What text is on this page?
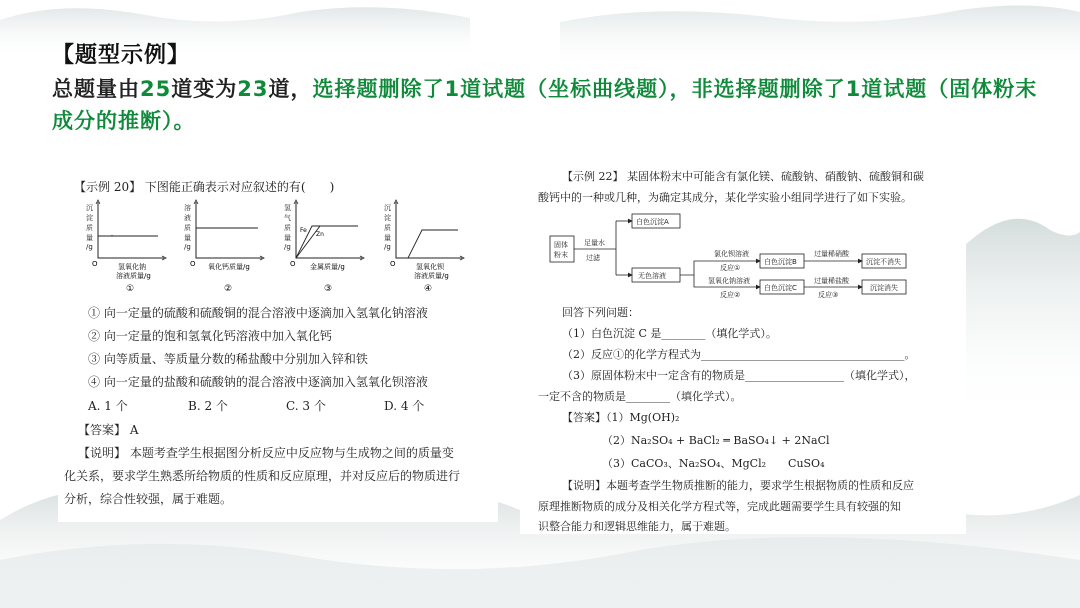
【题型示例】
总题量由25道变为23道，选择题删除了1道试题（坐标曲线题），非选择题删除了1道试题（固体粉末成分的推断）。
【示例 20】 下图能正确表示对应叙述的有(　　)
沉
淀
质
量
/g
O	氢氧化钠
溶液质量/g
①
溶
液
质
量
/g
O 氧化钙质量/g
②
氢
气
质
量
/g
Fe
Zn
O 金属质量/g
③
沉
淀
质
量
/g
O	氢氧化钡
溶液质量/g
④
① 向一定量的硫酸和硫酸铜的混合溶液中逐滴加入氢氧化钠溶液
② 向一定量的饱和氢氧化钙溶液中加入氧化钙
③ 向等质量、等质量分数的稀盐酸中分别加入锌和铁
④ 向一定量的盐酸和硫酸钠的混合溶液中逐滴加入氢氧化钡溶液
A. 1 个	B. 2 个	C. 3 个	D. 4 个
【答案】 A
【说明】 本题考查学生根据图分析反应中反应物与生成物之间的质量变
化关系，要求学生熟悉所给物质的性质和反应原理，并对反应后的物质进行
分析，综合性较强，属于难题。
【示例 22】 某固体粉末中可能含有氯化镁、硫酸钠、硝酸钠、硫酸铜和碳
酸钙中的一种或几种，为确定其成分，某化学实验小组同学进行了如下实验。
固体
粉末
足量水
过滤
白色沉淀A
无色溶液
氯化钡溶液
反应①
白色沉淀B
过量稀硝酸
沉淀不消失
氢氧化钠溶液
反应②
白色沉淀C
过量稀盐酸
反应③
沉淀消失
回答下列问题：
（1）白色沉淀 C 是________（填化学式）。
（2）反应①的化学方程式为_____________________________________。
（3）原固体粉末中一定含有的物质是__________________（填化学式），
一定不含的物质是________（填化学式）。
【答案】（1）Mg(OH)₂
（2）Na₂SO₄ + BaCl₂ ═ BaSO₄↓ + 2NaCl
（3）CaCO₃、Na₂SO₄、MgCl₂　　CuSO₄
【说明】本题考查学生物质推断的能力，要求学生根据物质的性质和反应
原理推断物质的成分及相关化学方程式等，完成此题需要学生具有较强的知
识整合能力和逻辑思维能力，属于难题。
